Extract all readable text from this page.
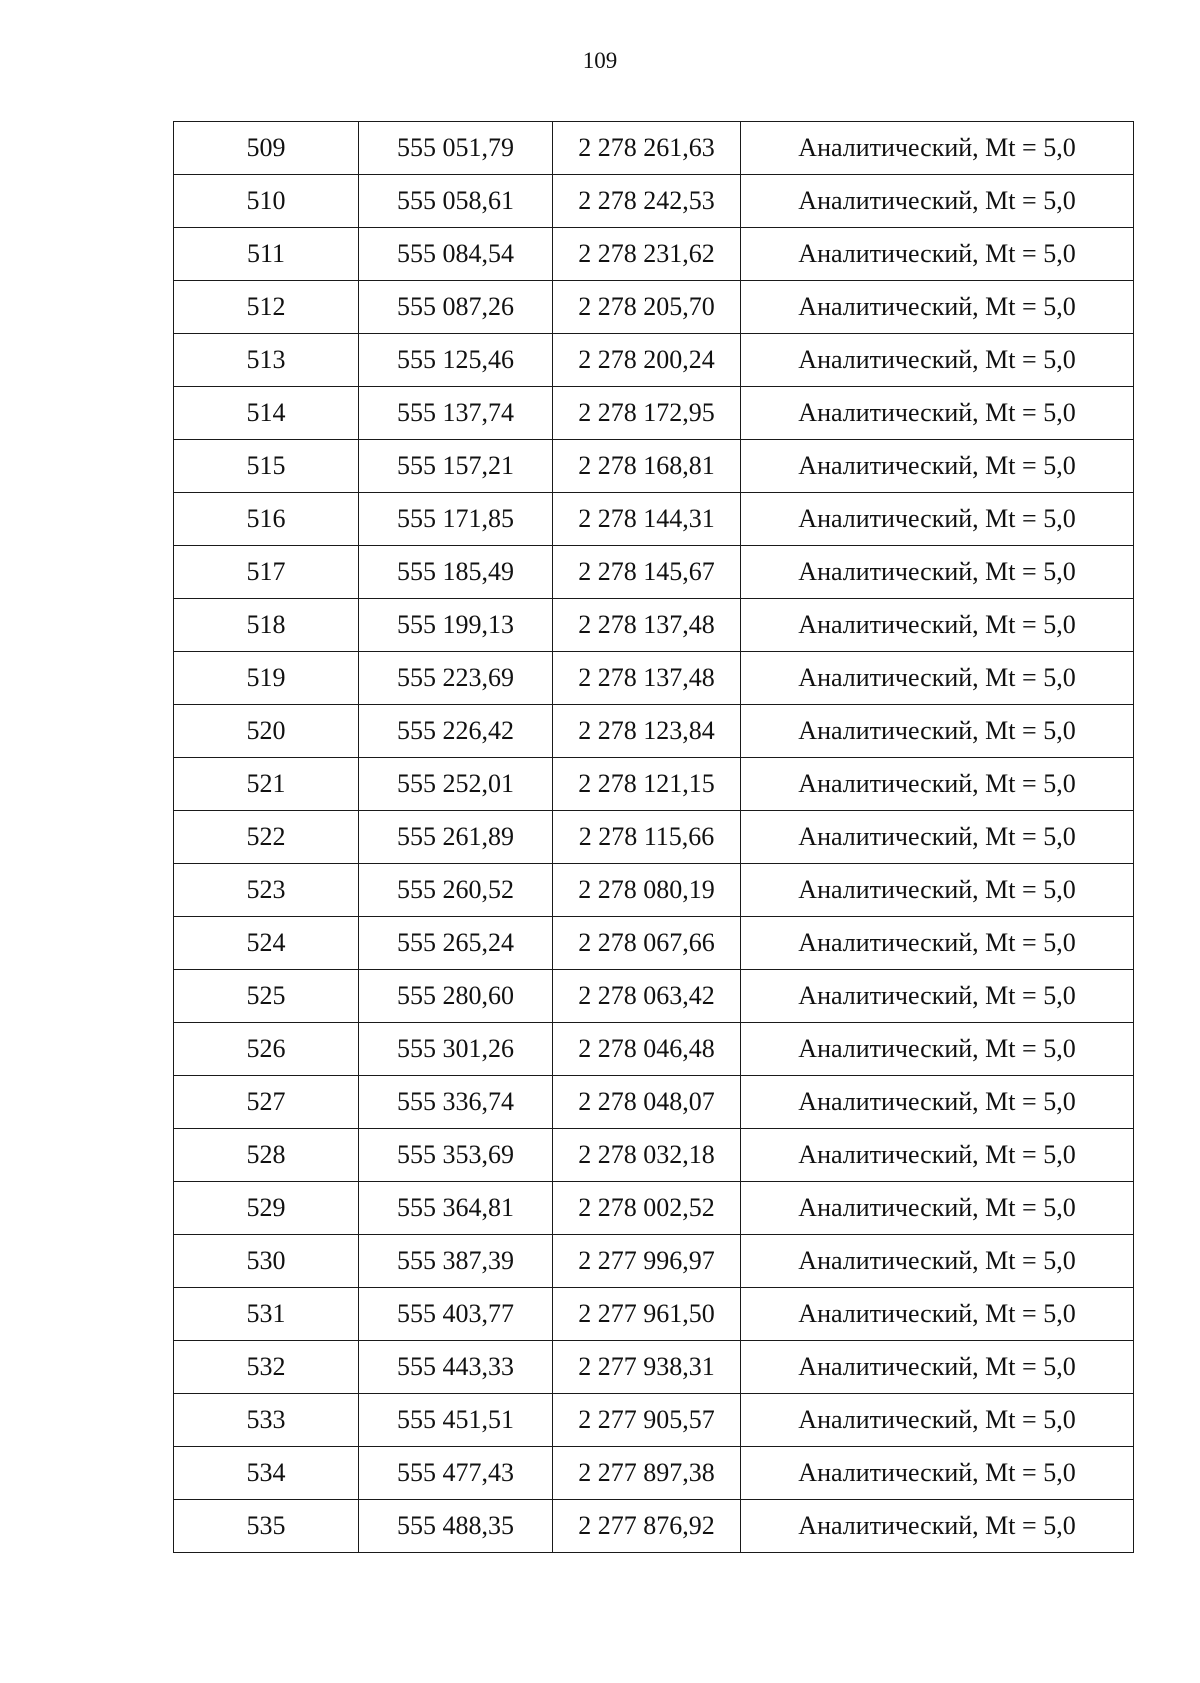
109
509	555 051,79	2 278 261,63	Аналитический, Mt = 5,0
510	555 058,61	2 278 242,53	Аналитический, Mt = 5,0
511	555 084,54	2 278 231,62	Аналитический, Mt = 5,0
512	555 087,26	2 278 205,70	Аналитический, Mt = 5,0
513	555 125,46	2 278 200,24	Аналитический, Mt = 5,0
514	555 137,74	2 278 172,95	Аналитический, Mt = 5,0
515	555 157,21	2 278 168,81	Аналитический, Mt = 5,0
516	555 171,85	2 278 144,31	Аналитический, Mt = 5,0
517	555 185,49	2 278 145,67	Аналитический, Mt = 5,0
518	555 199,13	2 278 137,48	Аналитический, Mt = 5,0
519	555 223,69	2 278 137,48	Аналитический, Mt = 5,0
520	555 226,42	2 278 123,84	Аналитический, Mt = 5,0
521	555 252,01	2 278 121,15	Аналитический, Mt = 5,0
522	555 261,89	2 278 115,66	Аналитический, Mt = 5,0
523	555 260,52	2 278 080,19	Аналитический, Mt = 5,0
524	555 265,24	2 278 067,66	Аналитический, Mt = 5,0
525	555 280,60	2 278 063,42	Аналитический, Mt = 5,0
526	555 301,26	2 278 046,48	Аналитический, Mt = 5,0
527	555 336,74	2 278 048,07	Аналитический, Mt = 5,0
528	555 353,69	2 278 032,18	Аналитический, Mt = 5,0
529	555 364,81	2 278 002,52	Аналитический, Mt = 5,0
530	555 387,39	2 277 996,97	Аналитический, Mt = 5,0
531	555 403,77	2 277 961,50	Аналитический, Mt = 5,0
532	555 443,33	2 277 938,31	Аналитический, Mt = 5,0
533	555 451,51	2 277 905,57	Аналитический, Mt = 5,0
534	555 477,43	2 277 897,38	Аналитический, Mt = 5,0
535	555 488,35	2 277 876,92	Аналитический, Mt = 5,0
